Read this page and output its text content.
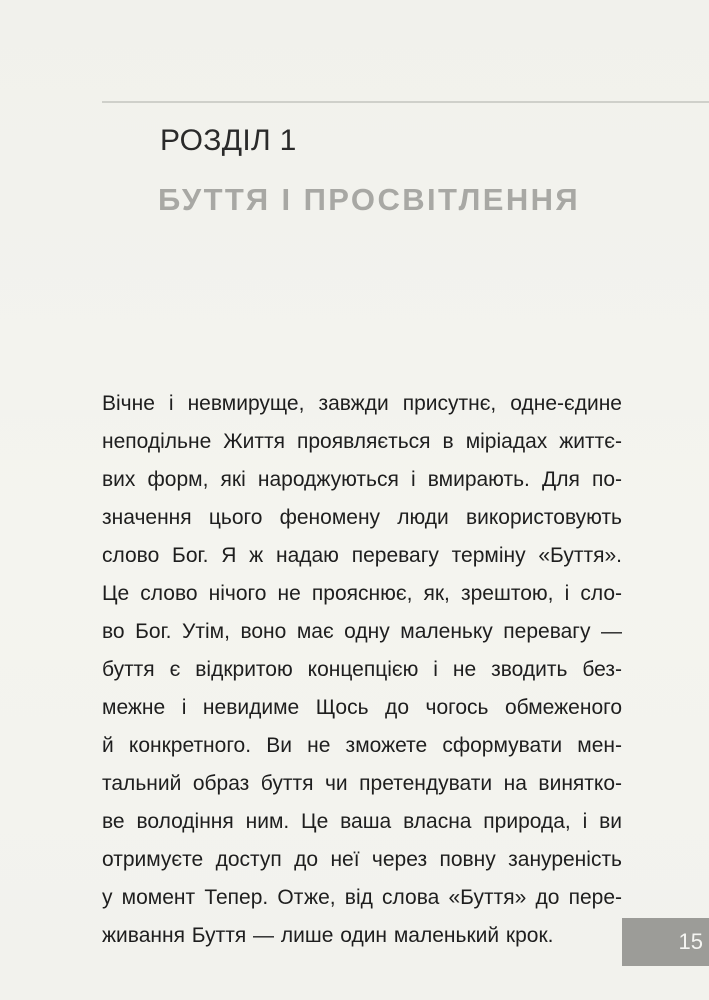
РОЗДІЛ 1
БУТТЯ І ПРОСВІТЛЕННЯ

Вічне і невмируще, завжди присутнє, одне-єдине

неподільне Життя проявляється в міріадах життє-

вих форм, які народжуються і вмирають. Для по-

значення цього феномену люди використовують

слово Бог. Я ж надаю перевагу терміну «Буття».

Це слово нічого не прояснює, як, зрештою, і сло-

во Бог. Утім, воно має одну маленьку перевагу —

буття є відкритою концепцією і не зводить без-

межне і невидиме Щось до чогось обмеженого

й конкретного. Ви не зможете сформувати мен-

тальний образ буття чи претендувати на винятко-

ве володіння ним. Це ваша власна природа, і ви

отримуєте доступ до неї через повну зануреність

у момент Тепер. Отже, від слова «Буття» до пере-

живання Буття — лише один маленький крок.	15
